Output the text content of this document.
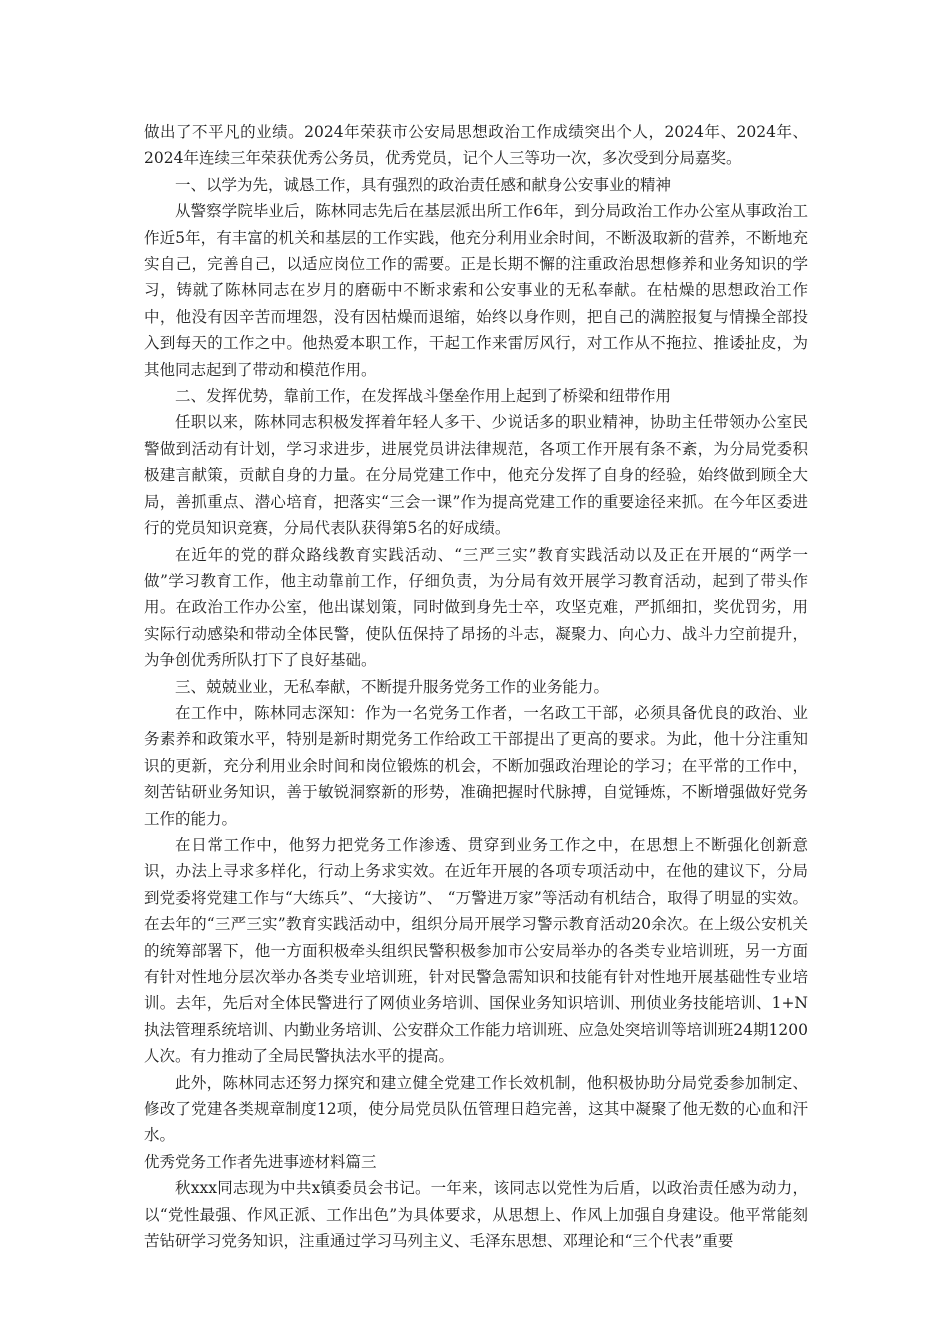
做出了不平凡的业绩。2024年荣获市公安局思想政治工作成绩突出个人，2024年、2024年、2024年连续三年荣获优秀公务员，优秀党员，记个人三等功一次，多次受到分局嘉奖。

一、以学为先，诚恳工作，具有强烈的政治责任感和献身公安事业的精神

从警察学院毕业后，陈林同志先后在基层派出所工作6年，到分局政治工作办公室从事政治工作近5年，有丰富的机关和基层的工作实践，他充分利用业余时间，不断汲取新的营养，不断地充实自己，完善自己，以适应岗位工作的需要。正是长期不懈的注重政治思想修养和业务知识的学习，铸就了陈林同志在岁月的磨砺中不断求索和公安事业的无私奉献。在枯燥的思想政治工作中，他没有因辛苦而埋怨，没有因枯燥而退缩，始终以身作则，把自己的满腔报复与情操全部投入到每天的工作之中。他热爱本职工作，干起工作来雷厉风行，对工作从不拖拉、推诿扯皮，为其他同志起到了带动和模范作用。

二、发挥优势，靠前工作，在发挥战斗堡垒作用上起到了桥梁和纽带作用

任职以来，陈林同志积极发挥着年轻人多干、少说话多的职业精神，协助主任带领办公室民警做到活动有计划，学习求进步，进展党员讲法律规范，各项工作开展有条不紊，为分局党委积极建言献策，贡献自身的力量。在分局党建工作中，他充分发挥了自身的经验，始终做到顾全大局，善抓重点、潜心培育，把落实“三会一课”作为提高党建工作的重要途径来抓。在今年区委进行的党员知识竞赛，分局代表队获得第5名的好成绩。

在近年的党的群众路线教育实践活动、“三严三实”教育实践活动以及正在开展的“两学一做”学习教育工作，他主动靠前工作，仔细负责，为分局有效开展学习教育活动，起到了带头作用。在政治工作办公室，他出谋划策，同时做到身先士卒，攻坚克难，严抓细扣，奖优罚劣，用实际行动感染和带动全体民警，使队伍保持了昂扬的斗志，凝聚力、向心力、战斗力空前提升，为争创优秀所队打下了良好基础。

三、兢兢业业，无私奉献，不断提升服务党务工作的业务能力。

在工作中，陈林同志深知：作为一名党务工作者，一名政工干部，必须具备优良的政治、业务素养和政策水平，特别是新时期党务工作给政工干部提出了更高的要求。为此，他十分注重知识的更新，充分利用业余时间和岗位锻炼的机会，不断加强政治理论的学习；在平常的工作中，刻苦钻研业务知识，善于敏锐洞察新的形势，准确把握时代脉搏，自觉锤炼，不断增强做好党务工作的能力。

在日常工作中，他努力把党务工作渗透、贯穿到业务工作之中，在思想上不断强化创新意识，办法上寻求多样化，行动上务求实效。在近年开展的各项专项活动中，在他的建议下，分局到党委将党建工作与“大练兵”、“大接访”、 “万警进万家”等活动有机结合，取得了明显的实效。在去年的“三严三实”教育实践活动中，组织分局开展学习警示教育活动20余次。在上级公安机关的统筹部署下，他一方面积极牵头组织民警积极参加市公安局举办的各类专业培训班，另一方面有针对性地分层次举办各类专业培训班，针对民警急需知识和技能有针对性地开展基础性专业培训。去年，先后对全体民警进行了网侦业务培训、国保业务知识培训、刑侦业务技能培训、1+N执法管理系统培训、内勤业务培训、公安群众工作能力培训班、应急处突培训等培训班24期1200人次。有力推动了全局民警执法水平的提高。

此外，陈林同志还努力探究和建立健全党建工作长效机制，他积极协助分局党委参加制定、修改了党建各类规章制度12项，使分局党员队伍管理日趋完善，这其中凝聚了他无数的心血和汗水。

优秀党务工作者先进事迹材料篇三

秋xxx同志现为中共x镇委员会书记。一年来，该同志以党性为后盾，以政治责任感为动力，以“党性最强、作风正派、工作出色”为具体要求，从思想上、作风上加强自身建设。他平常能刻苦钻研学习党务知识，注重通过学习马列主义、毛泽东思想、邓理论和“三个代表”重要
